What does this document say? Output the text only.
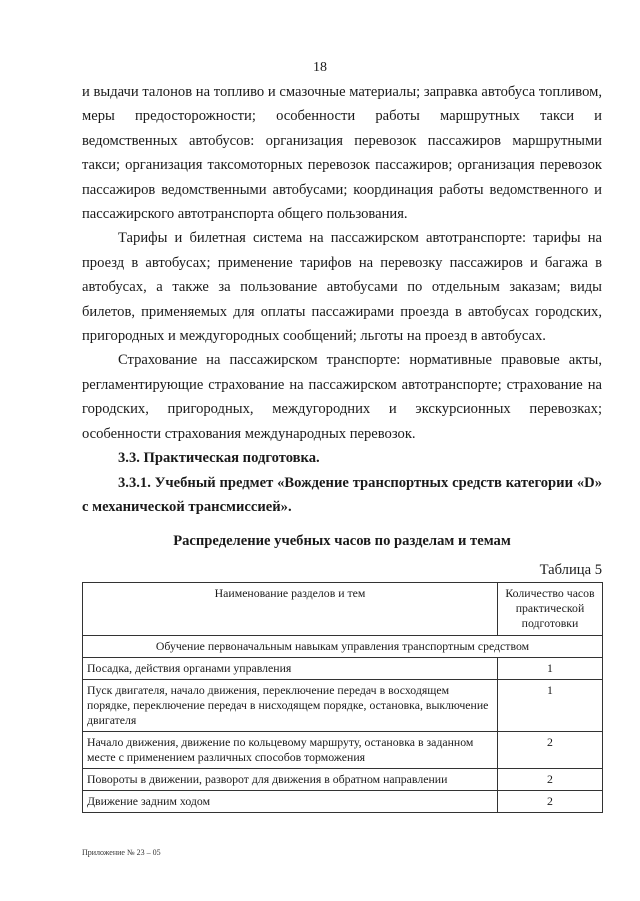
18

и выдачи талонов на топливо и смазочные материалы; заправка автобуса топливом, меры предосторожности; особенности работы маршрутных такси и ведомственных автобусов: организация перевозок пассажиров маршрутными такси; организация таксомоторных перевозок пассажиров; организация перевозок пассажиров ведомственными автобусами; координация работы ведомственного и пассажирского автотранспорта общего пользования.

Тарифы и билетная система на пассажирском автотранспорте: тарифы на проезд в автобусах; применение тарифов на перевозку пассажиров и багажа в автобусах, а также за пользование автобусами по отдельным заказам; виды билетов, применяемых для оплаты пассажирами проезда в автобусах городских, пригородных и междугородных сообщений; льготы на проезд в автобусах.

Страхование на пассажирском транспорте: нормативные правовые акты, регламентирующие страхование на пассажирском автотранспорте; страхование на городских, пригородных, междугородних и экскурсионных перевозках; особенности страхования международных перевозок.

3.3. Практическая подготовка.

3.3.1. Учебный предмет «Вождение транспортных средств категории «D» с механической трансмиссией».

Распределение учебных часов по разделам и темам

Таблица 5

Наименование разделов и тем	Количество часов практической подготовки
Обучение первоначальным навыкам управления транспортным средством	
Посадка, действия органами управления	1
Пуск двигателя, начало движения, переключение передач в восходящем порядке, переключение передач в нисходящем порядке, остановка, выключение двигателя	1
Начало движения, движение по кольцевому маршруту, остановка в заданном месте с применением различных способов торможения	2
Повороты в движении, разворот для движения в обратном направлении	2
Движение задним ходом	2
Приложение № 23 – 05
